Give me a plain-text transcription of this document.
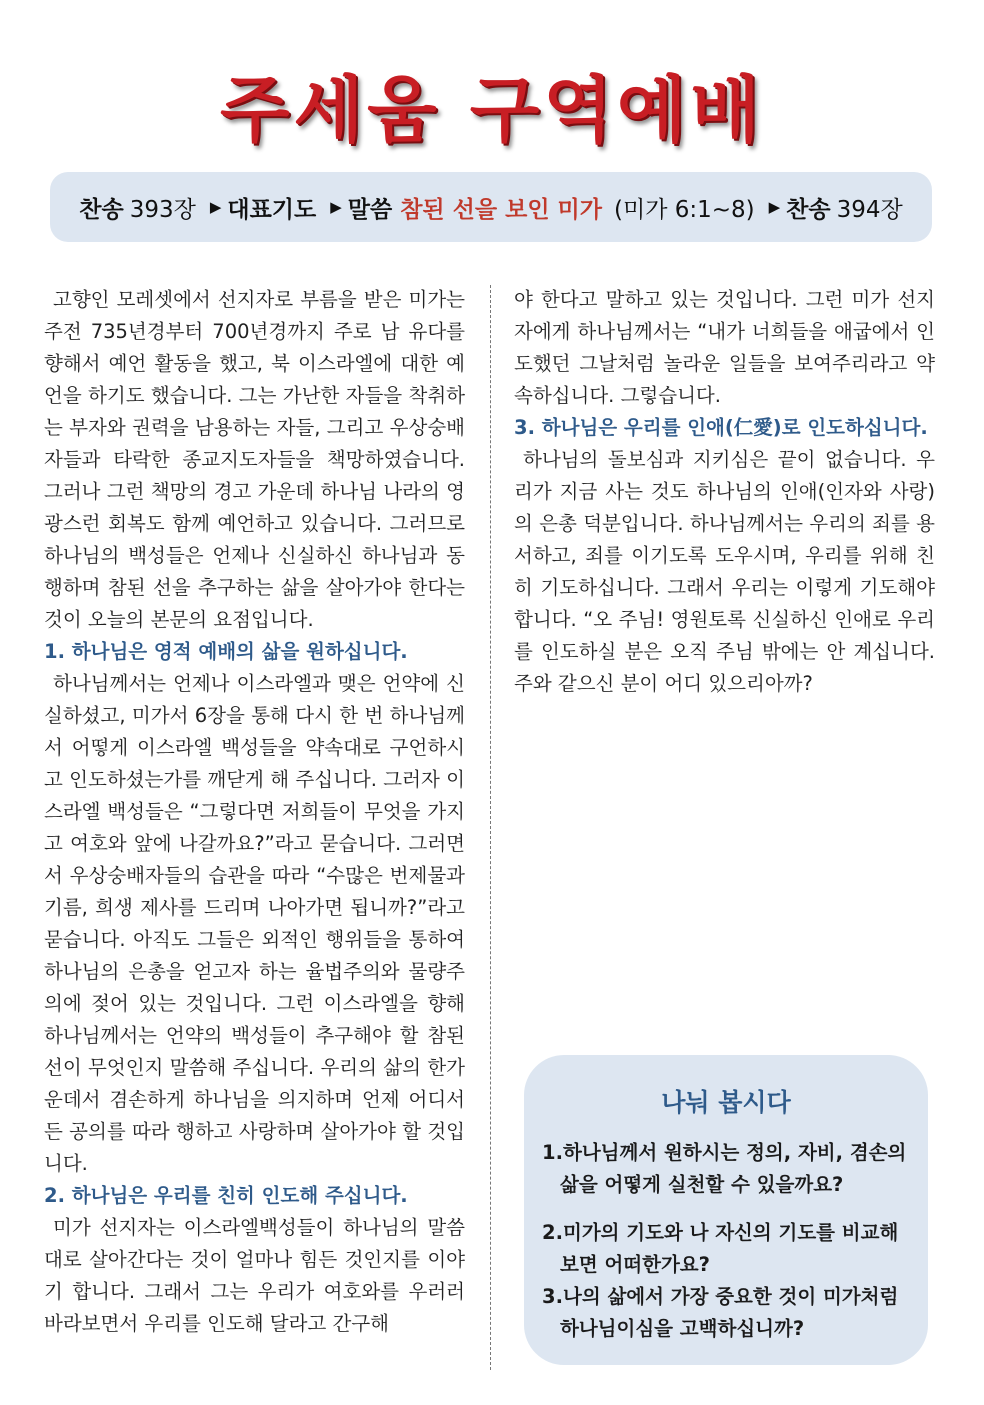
주세움 구역예배
찬송 393장 ▶ 대표기도 ▶ 말씀 참된 선을 보인 미가 (미가 6:1~8) ▶ 찬송 394장

고향인 모레셋에서 선지자로 부름을 받은 미가는 주전 735년경부터 700년경까지 주로 남 유다를 향해서 예언 활동을 했고, 북 이스라엘에 대한 예언을 하기도 했습니다. 그는 가난한 자들을 착취하는 부자와 권력을 남용하는 자들, 그리고 우상숭배자들과 타락한 종교지도자들을 책망하였습니다. 그러나 그런 책망의 경고 가운데 하나님 나라의 영광스런 회복도 함께 예언하고 있습니다. 그러므로 하나님의 백성들은 언제나 신실하신 하나님과 동행하며 참된 선을 추구하는 삶을 살아가야 한다는 것이 오늘의 본문의 요점입니다.

1. 하나님은 영적 예배의 삶을 원하십니다.

하나님께서는 언제나 이스라엘과 맺은 언약에 신실하셨고, 미가서 6장을 통해 다시 한 번 하나님께서 어떻게 이스라엘 백성들을 약속대로 구언하시고 인도하셨는가를 깨닫게 해 주십니다. 그러자 이스라엘 백성들은 “그렇다면 저희들이 무엇을 가지고 여호와 앞에 나갈까요?”라고 묻습니다. 그러면서 우상숭배자들의 습관을 따라 “수많은 번제물과 기름, 희생 제사를 드리며 나아가면 됩니까?”라고 묻습니다. 아직도 그들은 외적인 행위들을 통하여 하나님의 은총을 얻고자 하는 율법주의와 물량주의에 젖어 있는 것입니다. 그런 이스라엘을 향해 하나님께서는 언약의 백성들이 추구해야 할 참된 선이 무엇인지 말씀해 주십니다. 우리의 삶의 한가운데서 겸손하게 하나님을 의지하며 언제 어디서든 공의를 따라 행하고 사랑하며 살아가야 할 것입니다.

2. 하나님은 우리를 친히 인도해 주십니다.

미가 선지자는 이스라엘백성들이 하나님의 말씀대로 살아간다는 것이 얼마나 힘든 것인지를 이야기 합니다. 그래서 그는 우리가 여호와를 우러러 바라보면서 우리를 인도해 달라고 간구해

야 한다고 말하고 있는 것입니다. 그런 미가 선지자에게 하나님께서는 “내가 너희들을 애굽에서 인도했던 그날처럼 놀라운 일들을 보여주리라고 약속하십니다. 그렇습니다.

3. 하나님은 우리를 인애(仁愛)로 인도하십니다.

하나님의 돌보심과 지키심은 끝이 없습니다. 우리가 지금 사는 것도 하나님의 인애(인자와 사랑)의 은총 덕분입니다. 하나님께서는 우리의 죄를 용서하고, 죄를 이기도록 도우시며, 우리를 위해 친히 기도하십니다. 그래서 우리는 이렇게 기도해야 합니다. “오 주님! 영원토록 신실하신 인애로 우리를 인도하실 분은 오직 주님 밖에는 안 계십니다. 주와 같으신 분이 어디 있으리아까?

나눠 봅시다
1.하나님께서 원하시는 정의, 자비, 겸손의 삶을 어떻게 실천할 수 있을까요?
2.미가의 기도와 나 자신의 기도를 비교해 보면 어떠한가요?
3.나의 삶에서 가장 중요한 것이 미가처럼 하나님이심을 고백하십니까?
